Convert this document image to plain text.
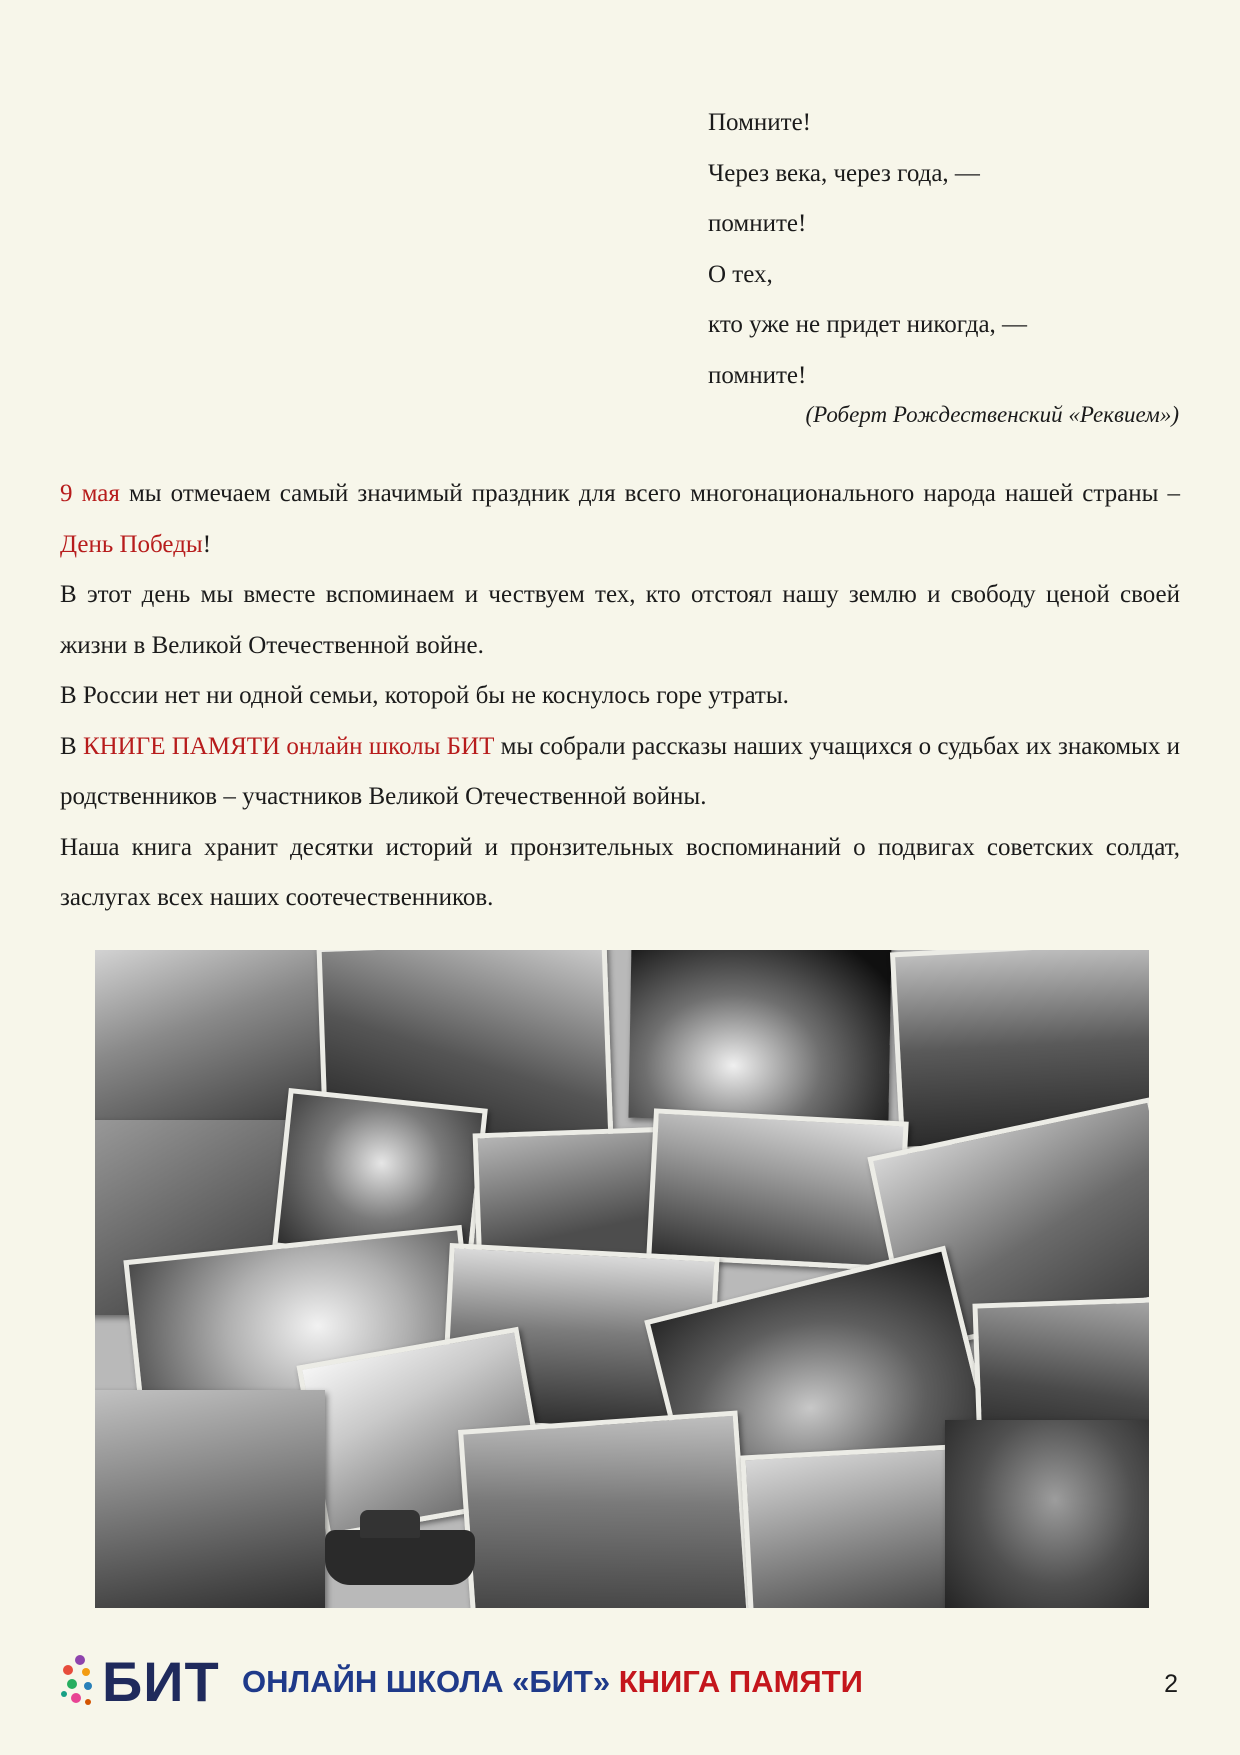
Помните!
Через века, через года, —
помните!
О тех,
кто уже не придет никогда, —
помните!
(Роберт Рождественский «Реквием»)

9 мая мы отмечаем самый значимый праздник для всего многонационального народа нашей страны – День Победы!

В этот день мы вместе вспоминаем и чествуем тех, кто отстоял нашу землю и свободу ценой своей жизни в Великой Отечественной войне.

В России нет ни одной семьи, которой бы не коснулось горе утраты.

В КНИГЕ ПАМЯТИ онлайн школы БИТ мы собрали рассказы наших учащихся о судьбах их знакомых и родственников – участников Великой Отечественной войны.

Наша книга хранит десятки историй и пронзительных воспоминаний о подвигах советских солдат, заслугах всех наших соотечественников.

БИТ ОНЛАЙН ШКОЛА «БИТ» КНИГА ПАМЯТИ	2
